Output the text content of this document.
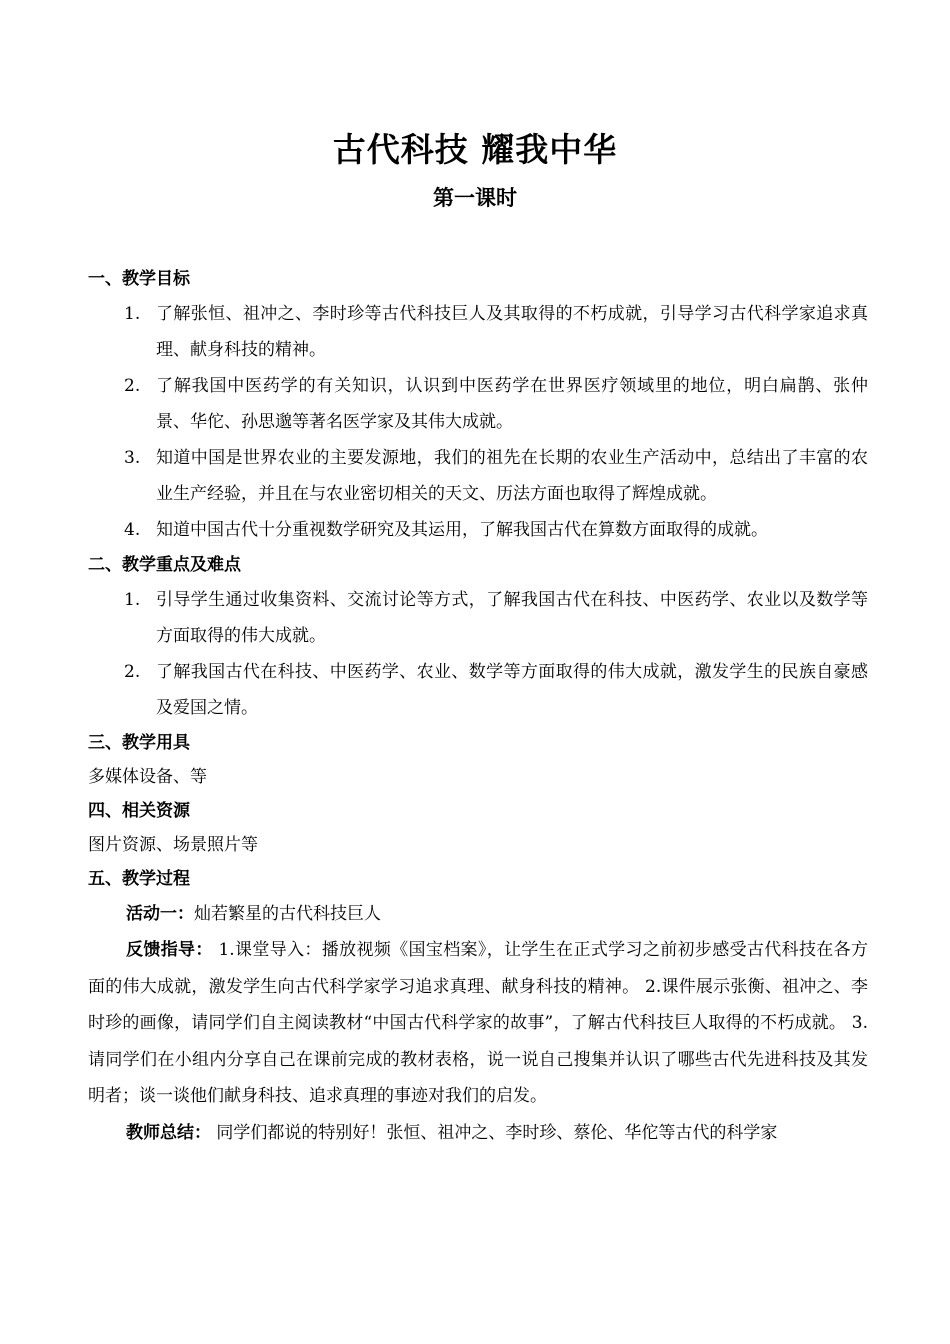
古代科技 耀我中华
第一课时
一、教学目标
1. 了解张恒、祖冲之、李时珍等古代科技巨人及其取得的不朽成就，引导学习古代科学家追求真理、献身科技的精神。
2. 了解我国中医药学的有关知识，认识到中医药学在世界医疗领域里的地位，明白扁鹊、张仲景、华佗、孙思邈等著名医学家及其伟大成就。
3. 知道中国是世界农业的主要发源地，我们的祖先在长期的农业生产活动中，总结出了丰富的农业生产经验，并且在与农业密切相关的天文、历法方面也取得了辉煌成就。
4. 知道中国古代十分重视数学研究及其运用，了解我国古代在算数方面取得的成就。
二、教学重点及难点
1. 引导学生通过收集资料、交流讨论等方式，了解我国古代在科技、中医药学、农业以及数学等方面取得的伟大成就。
2. 了解我国古代在科技、中医药学、农业、数学等方面取得的伟大成就，激发学生的民族自豪感及爱国之情。
三、教学用具
多媒体设备、等
四、相关资源
图片资源、场景照片等
五、教学过程
活动一：灿若繁星的古代科技巨人
反馈指导： 1.课堂导入：播放视频《国宝档案》，让学生在正式学习之前初步感受古代科技在各方面的伟大成就，激发学生向古代科学家学习追求真理、献身科技的精神。 2.课件展示张衡、祖冲之、李时珍的画像，请同学们自主阅读教材“中国古代科学家的故事”，了解古代科技巨人取得的不朽成就。 3.请同学们在小组内分享自己在课前完成的教材表格，说一说自己搜集并认识了哪些古代先进科技及其发明者；谈一谈他们献身科技、追求真理的事迹对我们的启发。
教师总结： 同学们都说的特别好！张恒、祖冲之、李时珍、蔡伦、华佗等古代的科学家
